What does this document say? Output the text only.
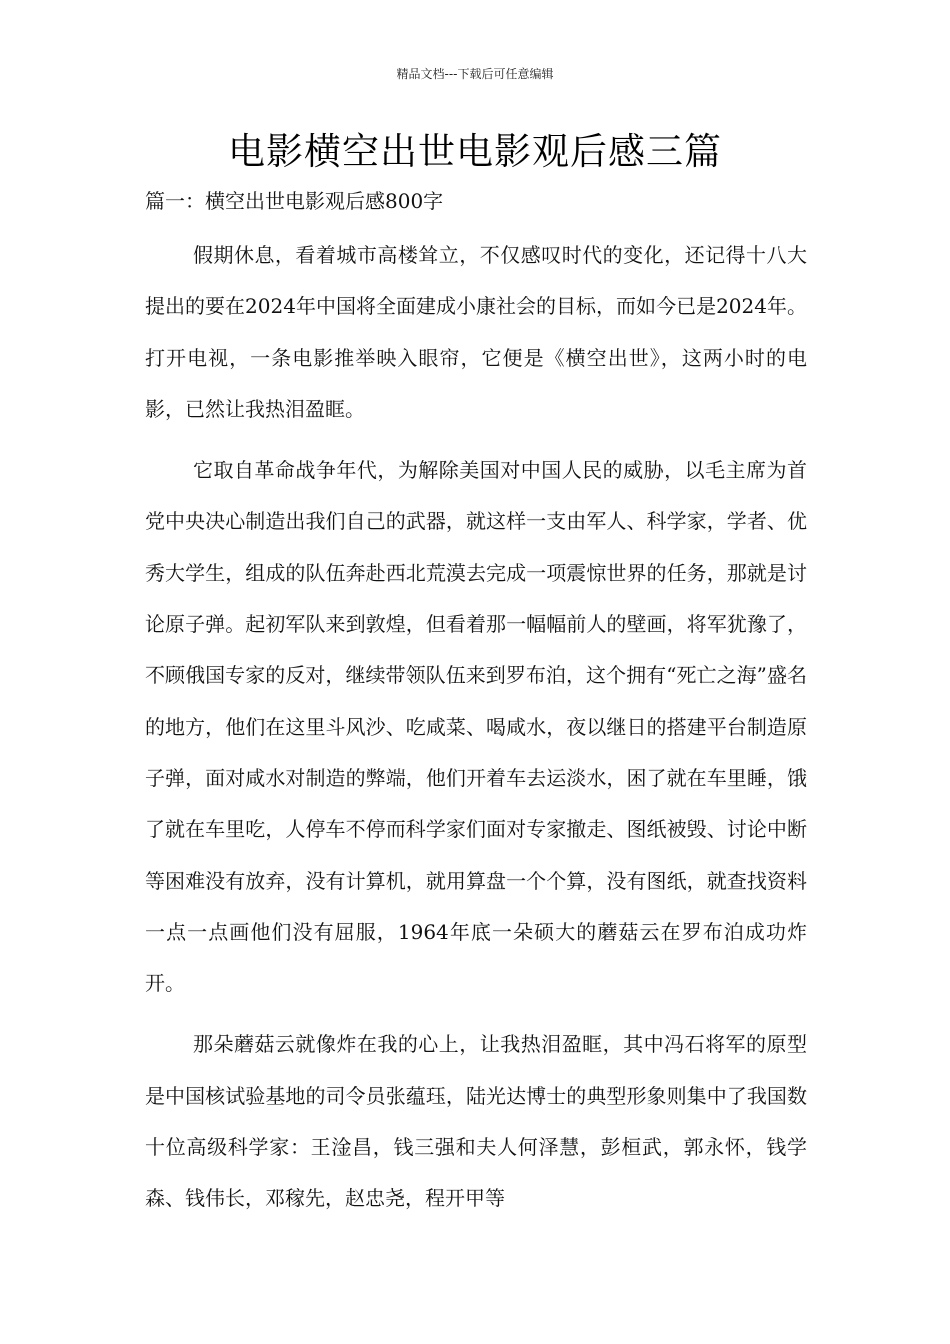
精品文档---下载后可任意编辑
电影横空出世电影观后感三篇
篇一：横空出世电影观后感800字

假期休息，看着城市高楼耸立，不仅感叹时代的变化，还记得十八大提出的要在2024年中国将全面建成小康社会的目标，而如今已是2024年。打开电视，一条电影推举映入眼帘，它便是《横空出世》，这两小时的电影，已然让我热泪盈眶。

它取自革命战争年代，为解除美国对中国人民的威胁，以毛主席为首党中央决心制造出我们自己的武器，就这样一支由军人、科学家，学者、优秀大学生，组成的队伍奔赴西北荒漠去完成一项震惊世界的任务，那就是讨论原子弹。起初军队来到敦煌，但看着那一幅幅前人的壁画，将军犹豫了，不顾俄国专家的反对，继续带领队伍来到罗布泊，这个拥有“死亡之海”盛名的地方，他们在这里斗风沙、吃咸菜、喝咸水，夜以继日的搭建平台制造原子弹，面对咸水对制造的弊端，他们开着车去运淡水，困了就在车里睡，饿了就在车里吃，人停车不停而科学家们面对专家撤走、图纸被毁、讨论中断等困难没有放弃，没有计算机，就用算盘一个个算，没有图纸，就查找资料一点一点画他们没有屈服，1964年底一朵硕大的蘑菇云在罗布泊成功炸开。

那朵蘑菇云就像炸在我的心上，让我热泪盈眶，其中冯石将军的原型是中国核试验基地的司令员张蕴珏，陆光达博士的典型形象则集中了我国数十位高级科学家：王淦昌，钱三强和夫人何泽慧，彭桓武，郭永怀，钱学森、钱伟长，邓稼先，赵忠尧，程开甲等
